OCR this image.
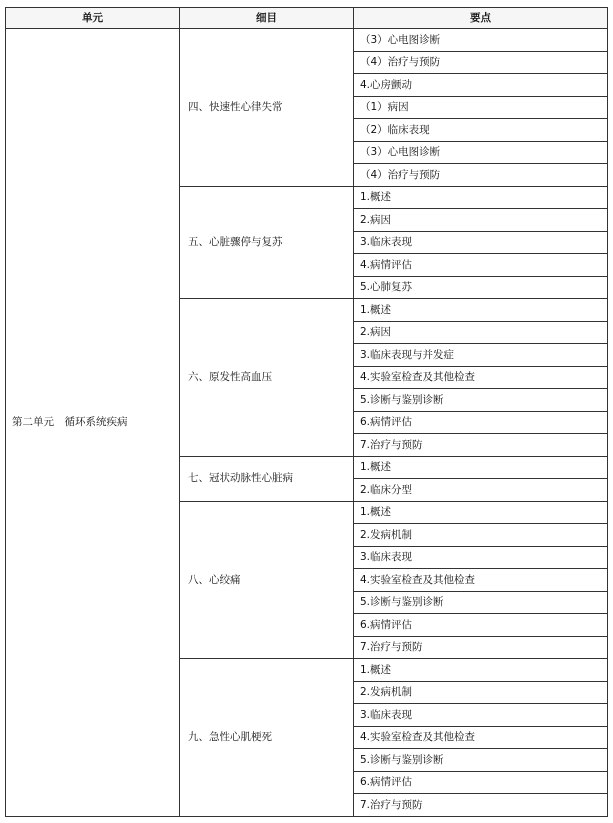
单元	细目	要点
第二单元　循环系统疾病	四、快速性心律失常	（3）心电图诊断
		（4）治疗与预防
		4.心房颤动
		（1）病因
		（2）临床表现
		（3）心电图诊断
		（4）治疗与预防
	五、心脏骤停与复苏	1.概述
		2.病因
		3.临床表现
		4.病情评估
		5.心肺复苏
	六、原发性高血压	1.概述
		2.病因
		3.临床表现与并发症
		4.实验室检查及其他检查
		5.诊断与鉴别诊断
		6.病情评估
		7.治疗与预防
	七、冠状动脉性心脏病	1.概述
		2.临床分型
	八、心绞痛	1.概述
		2.发病机制
		3.临床表现
		4.实验室检查及其他检查
		5.诊断与鉴别诊断
		6.病情评估
		7.治疗与预防
	九、急性心肌梗死	1.概述
		2.发病机制
		3.临床表现
		4.实验室检查及其他检查
		5.诊断与鉴别诊断
		6.病情评估
		7.治疗与预防
